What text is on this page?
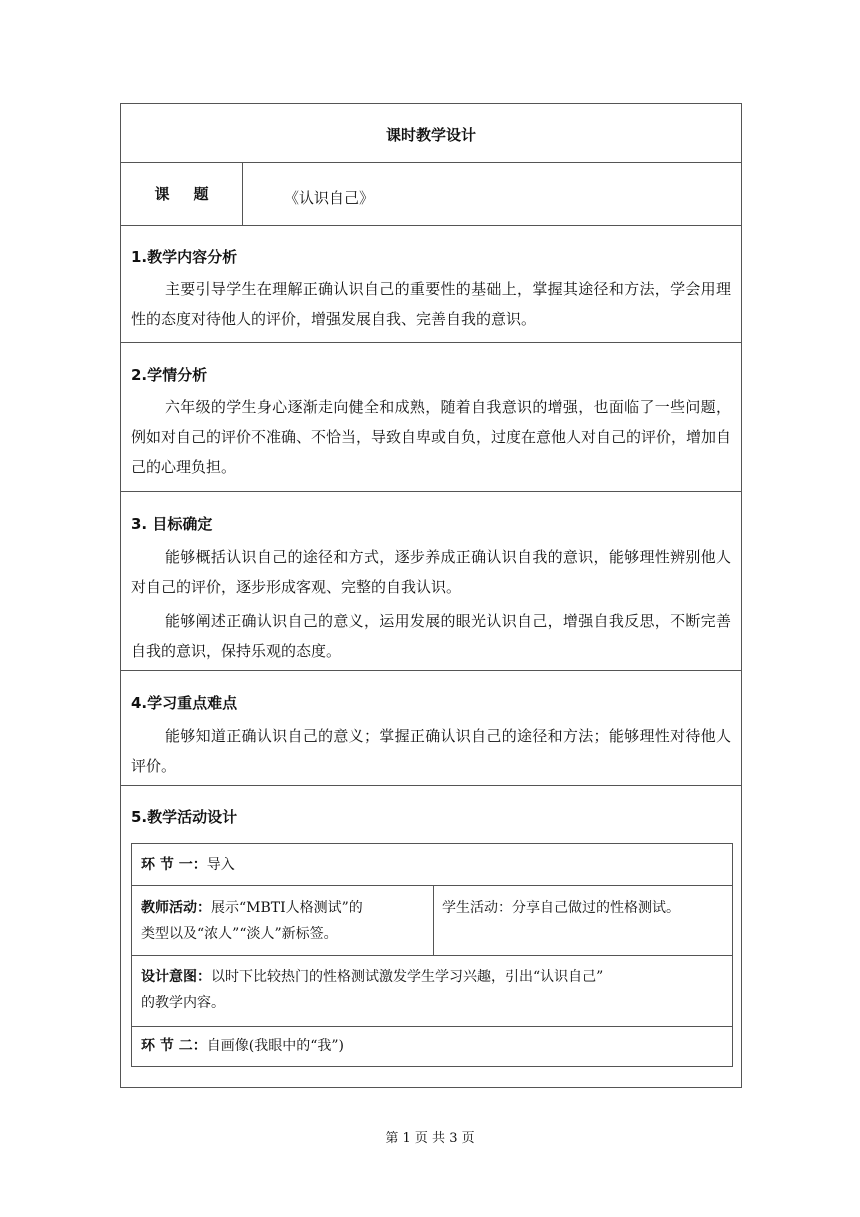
课时教学设计
课题	《认识自己》
1.教学内容分析
主要引导学生在理解正确认识自己的重要性的基础上，掌握其途径和方法，学会用理性的态度对待他人的评价，增强发展自我、完善自我的意识。
2.学情分析
六年级的学生身心逐渐走向健全和成熟，随着自我意识的增强，也面临了一些问题，例如对自己的评价不准确、不恰当，导致自卑或自负，过度在意他人对自己的评价，增加自己的心理负担。
3. 目标确定
能够概括认识自己的途径和方式，逐步养成正确认识自我的意识，能够理性辨别他人对自己的评价，逐步形成客观、完整的自我认识。
能够阐述正确认识自己的意义，运用发展的眼光认识自己，增强自我反思，不断完善自我的意识，保持乐观的态度。
4.学习重点难点
能够知道正确认识自己的意义；掌握正确认识自己的途径和方法；能够理性对待他人评价。
5.教学活动设计
环 节 一：导入
教师活动：展示“MBTI人格测试”的
类型以及“浓人”“淡人”新标签。
学生活动：分享自己做过的性格测试。
设计意图：以时下比较热门的性格测试激发学生学习兴趣，引出“认识自己”
的教学内容。
环 节 二：自画像(我眼中的“我”)
第 1 页 共 3 页
